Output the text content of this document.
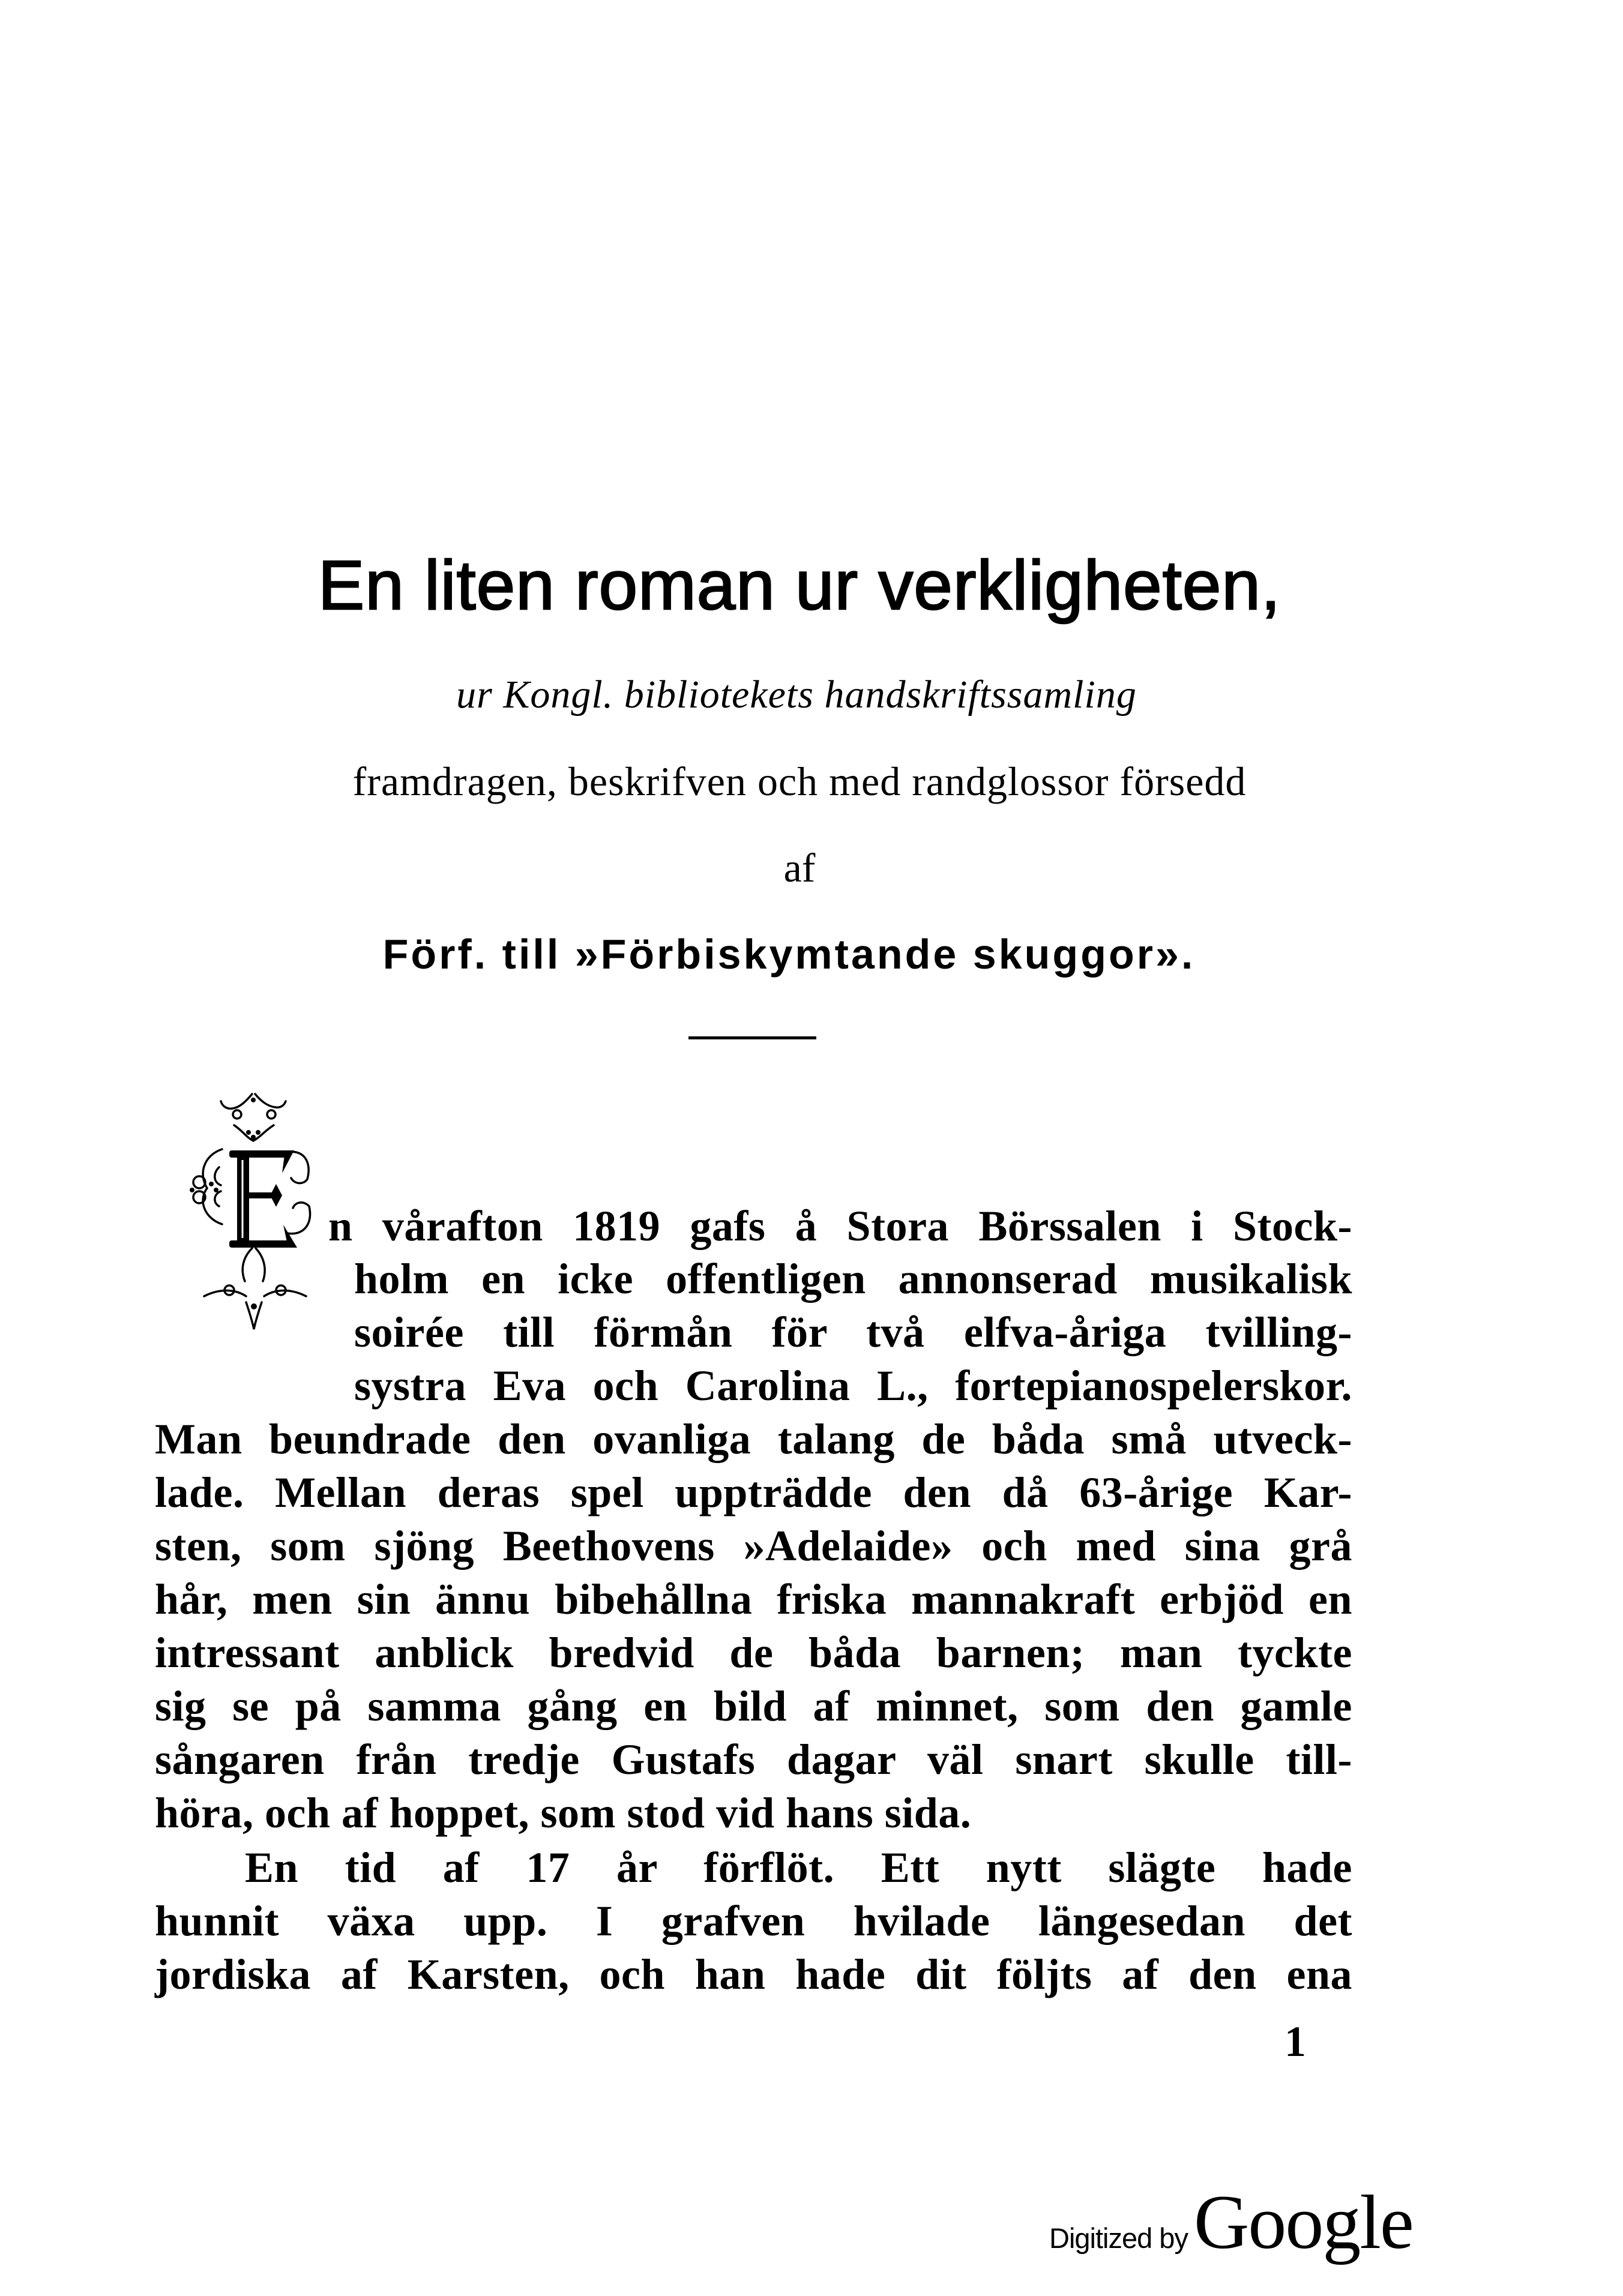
En liten roman ur verkligheten,
ur Kongl. bibliotekets handskriftssamling
framdragen, beskrifven och med randglossor försedd
af
Förf. till »Förbiskymtande skuggor».
n vårafton 1819 gafs å Stora Börssalen i Stock-
holm en icke offentligen annonserad musikalisk
soirée till förmån för två elfva-åriga tvilling-
systra Eva och Carolina L., fortepianospelerskor.
Man beundrade den ovanliga talang de båda små utveck-
lade. Mellan deras spel uppträdde den då 63-årige Kar-
sten, som sjöng Beethovens »Adelaide» och med sina grå
hår, men sin ännu bibehållna friska mannakraft erbjöd en
intressant anblick bredvid de båda barnen; man tyckte
sig se på samma gång en bild af minnet, som den gamle
sångaren från tredje Gustafs dagar väl snart skulle till-
höra, och af hoppet, som stod vid hans sida.
En tid af 17 år förflöt. Ett nytt slägte hade
hunnit växa upp. I grafven hvilade längesedan det
jordiska af Karsten, och han hade dit följts af den ena
1
Digitized by Google
